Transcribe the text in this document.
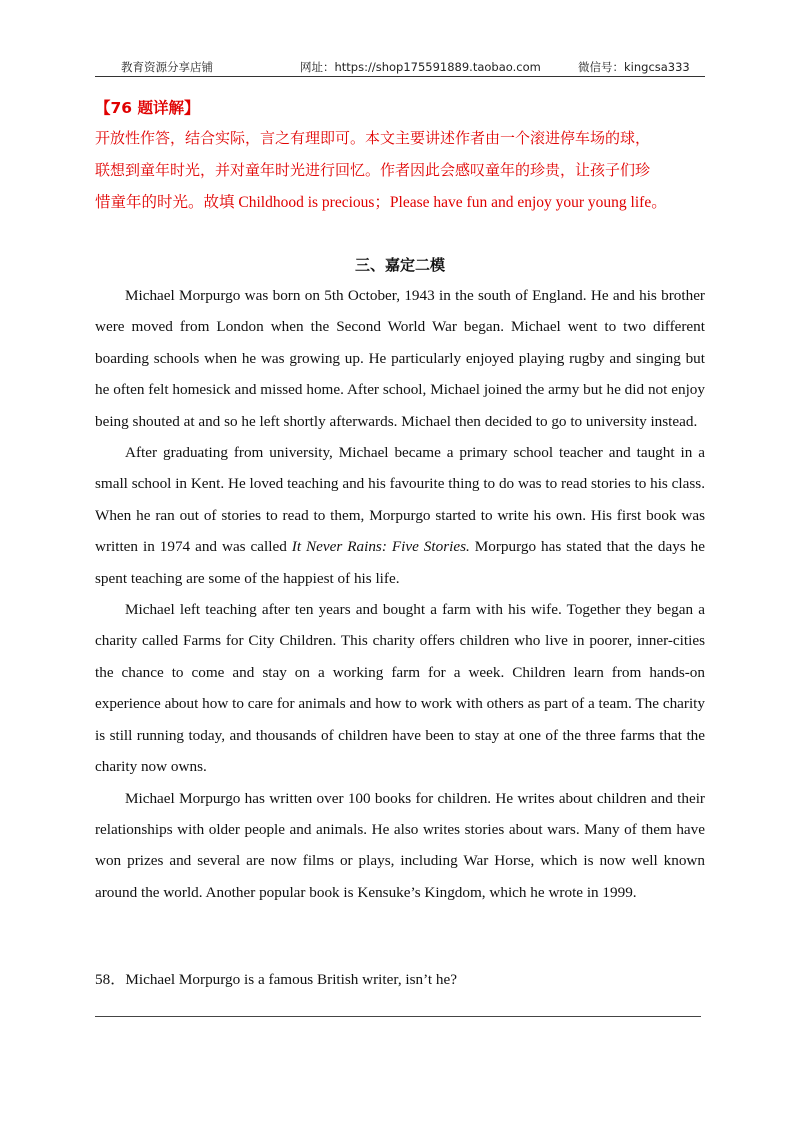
教育资源分享店铺	网址：https://shop175591889.taobao.com	微信号：kingcsa333
【76 题详解】
开放性作答，结合实际，言之有理即可。本文主要讲述作者由一个滚进停车场的球，
联想到童年时光，并对童年时光进行回忆。作者因此会感叹童年的珍贵，让孩子们珍
惜童年的时光。故填 Childhood is precious；Please have fun and enjoy your young life。
三、嘉定二模

Michael Morpurgo was born on 5th October, 1943 in the south of England. He and his brother were moved from London when the Second World War began. Michael went to two different boarding schools when he was growing up. He particularly enjoyed playing rugby and singing but he often felt homesick and missed home. After school, Michael joined the army but he did not enjoy being shouted at and so he left shortly afterwards. Michael then decided to go to university instead.

After graduating from university, Michael became a primary school teacher and taught in a small school in Kent. He loved teaching and his favourite thing to do was to read stories to his class. When he ran out of stories to read to them, Morpurgo started to write his own. His first book was written in 1974 and was called It Never Rains: Five Stories. Morpurgo has stated that the days he spent teaching are some of the happiest of his life.

Michael left teaching after ten years and bought a farm with his wife. Together they began a charity called Farms for City Children. This charity offers children who live in poorer, inner-cities the chance to come and stay on a working farm for a week. Children learn from hands-on experience about how to care for animals and how to work with others as part of a team. The charity is still running today, and thousands of children have been to stay at one of the three farms that the charity now owns.

Michael Morpurgo has written over 100 books for children. He writes about children and their relationships with older people and animals. He also writes stories about wars. Many of them have won prizes and several are now films or plays, including War Horse, which is now well known around the world. Another popular book is Kensuke’s Kingdom, which he wrote in 1999.

58．Michael Morpurgo is a famous British writer, isn’t he?
